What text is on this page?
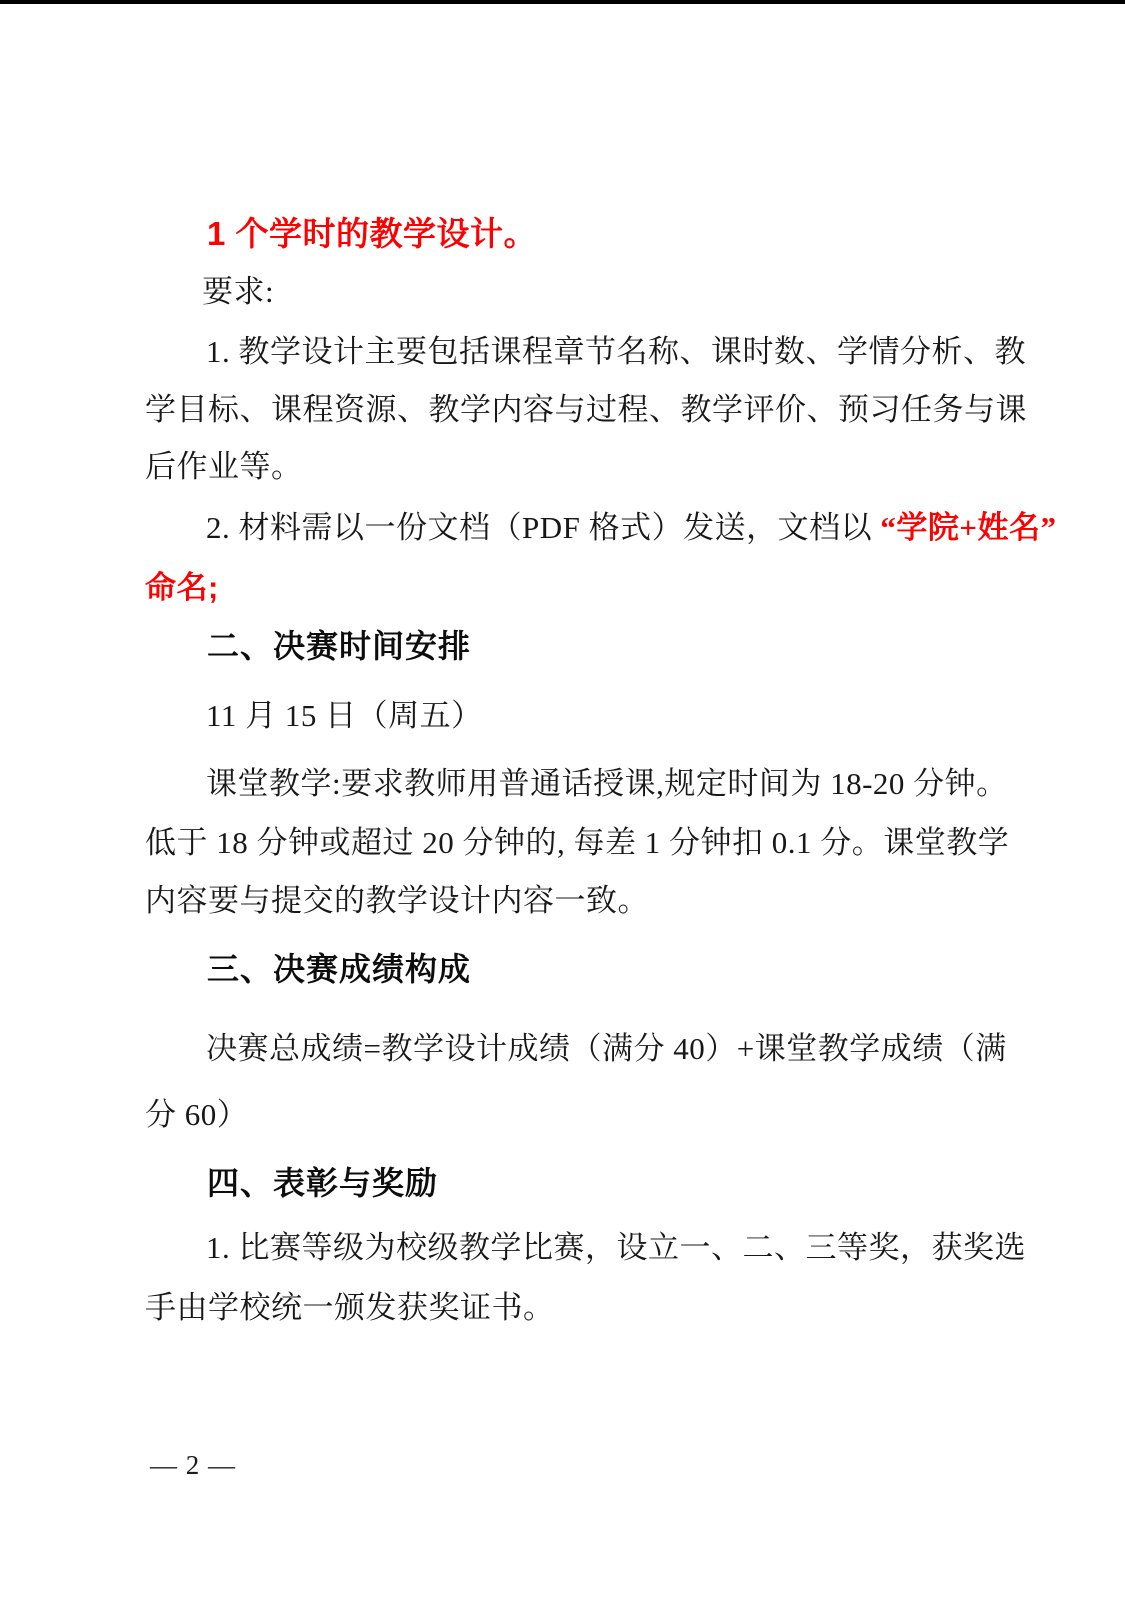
1 个学时的教学设计。
要求:
1. 教学设计主要包括课程章节名称、课时数、学情分析、教
学目标、课程资源、教学内容与过程、教学评价、预习任务与课
后作业等。
2. 材料需以一份文档（PDF 格式）发送，文档以 “学院+姓名”
命名;
二、决赛时间安排
11 月 15 日（周五）
课堂教学:要求教师用普通话授课,规定时间为 18-20 分钟。
低于 18 分钟或超过 20 分钟的, 每差 1 分钟扣 0.1 分。课堂教学
内容要与提交的教学设计内容一致。
三、决赛成绩构成
决赛总成绩=教学设计成绩（满分 40）+课堂教学成绩（满
分 60）
四、表彰与奖励
1. 比赛等级为校级教学比赛，设立一、二、三等奖，获奖选
手由学校统一颁发获奖证书。
— 2 —
